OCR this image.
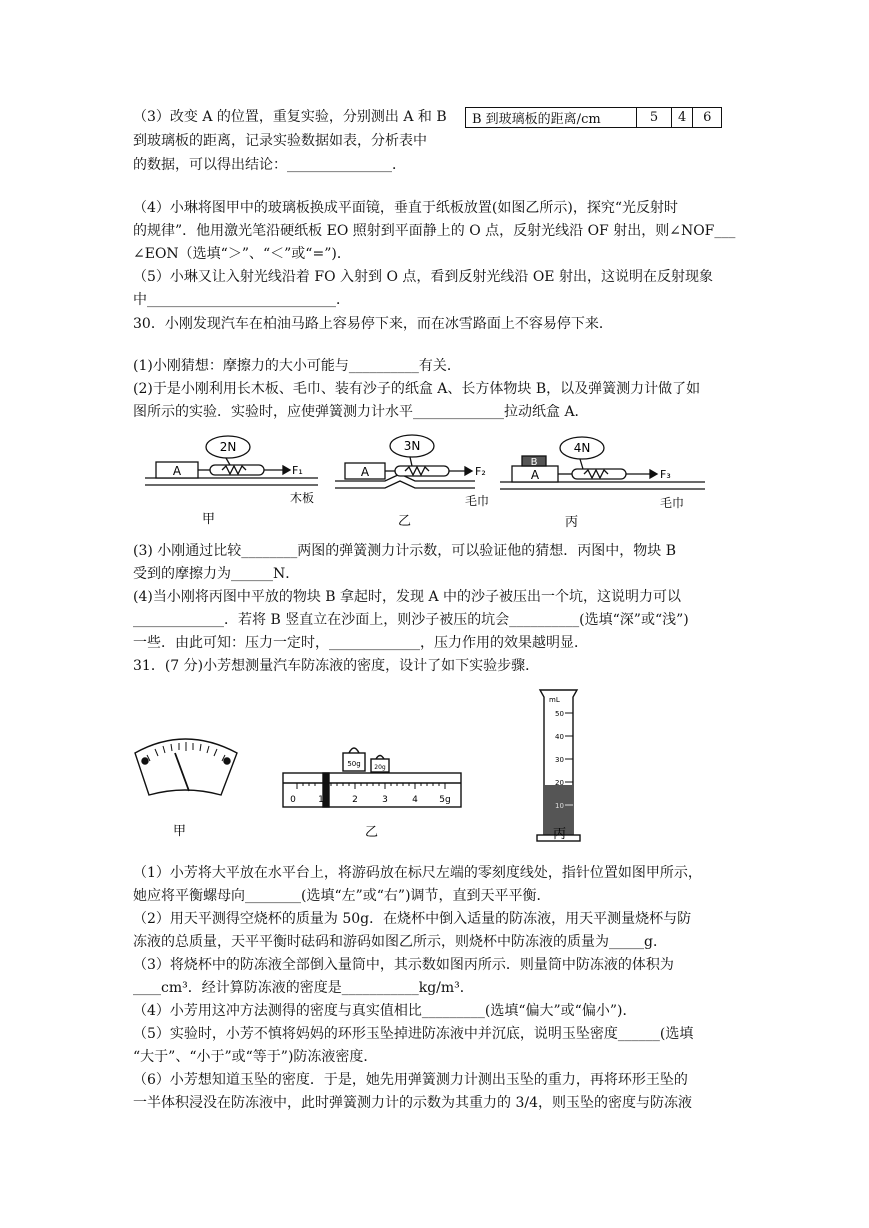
（3）改变 A 的位置，重复实验，分别测出 A 和 B
到玻璃板的距离，记录实验数据如表，分析表中
的数据，可以得出结论：_______________．
B 到玻璃板的距离/cm	5	4	6
（4）小琳将图甲中的玻璃板换成平面镜，垂直于纸板放置(如图乙所示)，探究“光反射时
的规律”．他用激光笔沿硬纸板 EO 照射到平面静上的 O 点，反射光线沿 OF 射出，则∠NOF___
∠EON（选填“＞”、“＜”或“=”)．
（5）小琳又让入射光线沿着 FO 入射到 O 点，看到反射光线沿 OE 射出，这说明在反射现象
中___________________________．
30．小刚发现汽车在柏油马路上容易停下来，而在冰雪路面上不容易停下来．
(1)小刚猜想：摩擦力的大小可能与__________有关．
(2)于是小刚利用长木板、毛巾、装有沙子的纸盒 A、长方体物块 B，以及弹簧测力计做了如
图所示的实验．实验时，应使弹簧测力计水平_____________拉动纸盒 A．
2N	3N	4N
A	A	A
B
F₁	F₂	F₃
木板	毛巾	毛巾
甲	乙	丙
(3) 小刚通过比较________两图的弹簧测力计示数，可以验证他的猜想．丙图中，物块 B
受到的摩擦力为______N．
(4)当小刚将丙图中平放的物块 B 拿起时，发现 A 中的沙子被压出一个坑，这说明力可以
_____________．若将 B 竖直立在沙面上，则沙子被压的坑会__________(选填“深”或“浅”)
一些．由此可知：压力一定时，_____________，压力作用的效果越明显．
31．(7 分)小芳想测量汽车防冻液的密度，设计了如下实验步骤．
甲	乙	丙
0 1	2	3	4 5g
50g 20g
mL
50
40
30
20
10
（1）小芳将大平放在水平台上，将游码放在标尺左端的零刻度线处，指针位置如图甲所示，
她应将平衡螺母向________(选填“左”或“右”)调节，直到天平平衡．
（2）用天平测得空烧杯的质量为 50g．在烧杯中倒入适量的防冻液，用天平测量烧杯与防
冻液的总质量，天平平衡时砝码和游码如图乙所示，则烧杯中防冻液的质量为_____g．
（3）将烧杯中的防冻液全部倒入量筒中，其示数如图丙所示．则量筒中防冻液的体积为
____cm³．经计算防冻液的密度是___________kg/m³．
（4）小芳用这冲方法测得的密度与真实值相比_________(选填“偏大”或“偏小”)．
（5）实验时，小芳不慎将妈妈的环形玉坠掉进防冻液中并沉底，说明玉坠密度______(选填
“大于”、“小于”或“等于”)防冻液密度．
（6）小芳想知道玉坠的密度．于是，她先用弹簧测力计测出玉坠的重力，再将环形王坠的
一半体积浸没在防冻液中，此时弹簧测力计的示数为其重力的 3/4，则玉坠的密度与防冻液
